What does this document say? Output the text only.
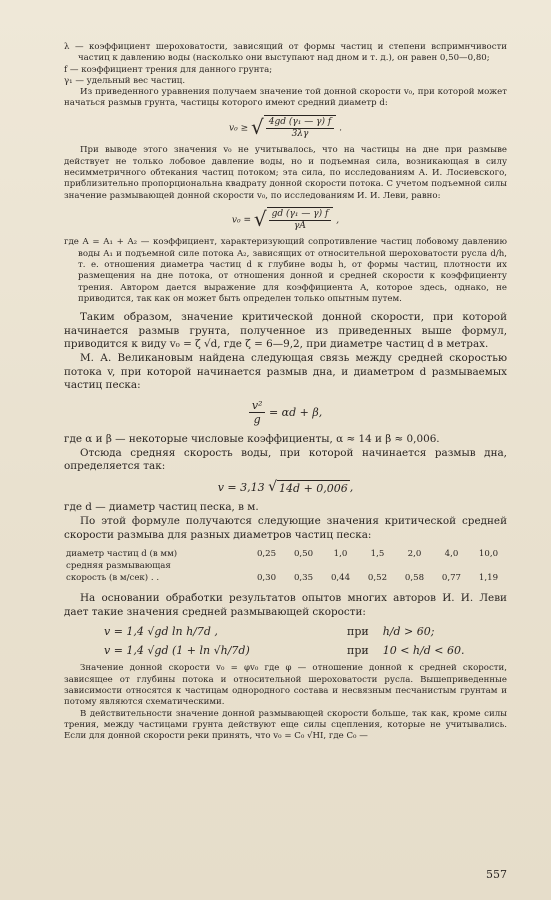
λ — коэффициент шероховатости, зависящий от формы частиц и степени вспримнчивости частиц к давлению воды (насколько они выступают над дном и т. д.), он равен 0,50—0,80;

f — коэффициент трения для данного грунта;

γ₁ — удельный вес частиц.

Из приведенного уравнения получаем значение той донной скорости v₀, при которой может начаться размыв грунта, частицы которого имеют средний диаметр d:

v₀ ≥ √ $\frac{\text{4gd (γ₁ — γ) f}}{3\lambda\gamma}$ .

При выводе этого значения v₀ не учитывалось, что на частицы на дне при размыве действует не только лобовое давление воды, но и подъемная сила, возникающая в силу несимметричного обтекания частиц потоком; эта сила, по исследованиям А. И. Лосиевского, приблизительно пропорциональна квадрату донной скорости потока. С учетом подъемной силы значение размывающей донной скорости v₀, по исследованиям И. И. Леви, равно:

v₀ = √ $\frac{\text{gd (γ₁ — γ) f}}{\gamma A}$ ,

где A = A₁ + A₂ — коэффициент, характеризующий сопротивление частиц лобовому давлению воды A₁ и подъемной силе потока A₂, зависящих от относительной шероховатости русла d/h, т. е. отношения диаметра частиц d к глубине воды h, от формы частиц, плотности их размещения на дне потока, от отношения донной и средней скорости к коэффициенту трения. Автором дается выражение для коэффициента A, которое здесь, однако, не приводится, так как он может быть определен только опытным путем.

Таким образом, значение критической донной скорости, при которой начинается размыв грунта, полученное из приведенных выше формул, приводится к виду v₀ = ζ √d, где ζ = 6—9,2, при диаметре частиц d в метрах.

М. А. Великановым найдена следующая связь между средней скоростью потока v, при которой начинается размыв дна, и диаметром d размываемых частиц песка:

$\frac{\text{v²}}{g} = \alpha d + \beta$,

где α и β — некоторые числовые коэффициенты, α ≈ 14 и β ≈ 0,006.

Отсюда средняя скорость воды, при которой начинается размыв дна, определяется так:

v = 3,13 √ 14d + 0,006 ,

где d — диаметр частиц песка, в м.

По этой формуле получаются следующие значения критической средней скорости размыва для разных диаметров частиц песка:

диаметр частиц d (в мм)	0,25	0,50	1,0	1,5	2,0	4,0	10,0
средняя размывающая							
скорость (в м/сек) . .	0,30	0,35	0,44	0,52	0,58	0,77	1,19

На основании обработки результатов опытов многих авторов И. И. Леви дает такие значения средней размывающей скорости:

v = 1,4 √gd ln h/7d ,	при h/d > 60;
v = 1,4 √gd (1 + ln √h/7d)	при 10 < h/d < 60.

Значение донной скорости v₀ = φv₀ где φ — отношение донной к средней скорости, зависящее от глубины потока и относительной шероховатости русла. Вышеприведенные зависимости относятся к частицам однородного состава и несвязным песчанистым грунтам и потому являются схематическими.

В действительности значение донной размывающей скорости больше, так как, кроме силы трения, между частицами грунта действуют еще силы сцепления, которые не учитывались. Если для донной скорости реки принять, что v₀ = C₀ √HI, где C₀ —

557
